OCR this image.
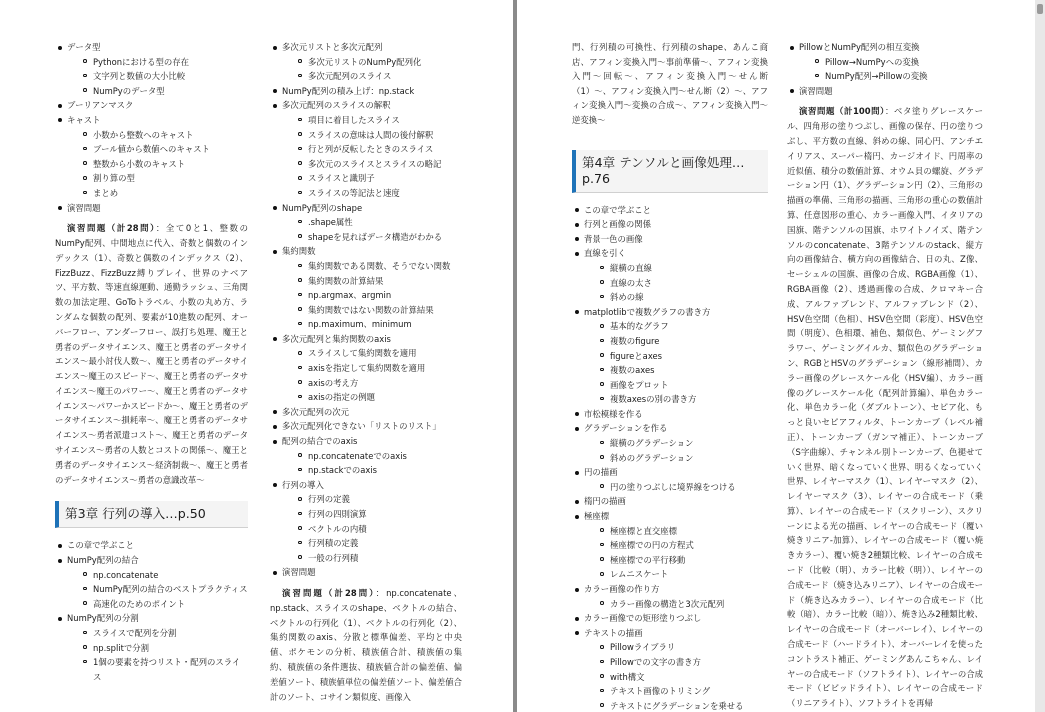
データ型
Pythonにおける型の存在
文字列と数値の大小比較
NumPyのデータ型
ブーリアンマスク
キャスト
小数から整数へのキャスト
ブール値から数値へのキャスト
整数から小数のキャスト
割り算の型
まとめ
演習問題

演習問題（計28問）：全て0と1、整数のNumPy配列、中間地点に代入、奇数と偶数のインデックス（1）、奇数と偶数のインデックス（2）、FizzBuzz、FizzBuzz縛りプレイ、世界のナベアツ、平方数、等速直線運動、通勤ラッシュ、三角関数の加法定理、GoToトラベル、小数の丸め方、ランダムな個数の配列、要素が10進数の配列、オーバーフロー、アンダーフロー、誤打ち処理、魔王と勇者のデータサイエンス、魔王と勇者のデータサイエンス〜最小討伐人数〜、魔王と勇者のデータサイエンス〜魔王のスピード〜、魔王と勇者のデータサイエンス〜魔王のパワー〜、魔王と勇者のデータサイエンス〜パワーかスピードか〜、魔王と勇者のデータサイエンス〜損耗率〜、魔王と勇者のデータサイエンス〜勇者派遣コスト〜、魔王と勇者のデータサイエンス〜勇者の人数とコストの関係〜、魔王と勇者のデータサイエンス〜経済制裁〜、魔王と勇者のデータサイエンス〜勇者の意識改革〜

第3章 行列の導入…p.50
この章で学ぶこと
NumPy配列の結合
np.concatenate
NumPy配列の結合のベストプラクティス
高速化のためのポイント
NumPy配列の分割
スライスで配列を分割
np.splitで分割
1個の要素を持つリスト・配列のスライス
多次元リストと多次元配列
多次元リストのNumPy配列化
多次元配列のスライス
NumPy配列の積み上げ：np.stack
多次元配列のスライスの解釈
項目に着目したスライス
スライスの意味は人間の後付解釈
行と列が反転したときのスライス
多次元のスライスとスライスの略記
スライスと識別子
スライスの等記法と速度
NumPy配列のshape
.shape属性
shapeを見ればデータ構造がわかる
集約関数
集約関数である関数、そうでない関数
集約関数の計算結果
np.argmax、argmin
集約関数ではない関数の計算結果
np.maximum、minimum
多次元配列と集約関数のaxis
スライスして集約関数を適用
axisを指定して集約関数を適用
axisの考え方
axisの指定の例題
多次元配列の次元
多次元配列化できない「リストのリスト」
配列の結合でのaxis
np.concatenateでのaxis
np.stackでのaxis
行列の導入
行列の定義
行列の四則演算
ベクトルの内積
行列積の定義
一般の行列積
演習問題

演習問題（計28問）：np.concatenate、np.stack、スライスのshape、ベクトルの結合、ベクトルの行列化（1）、ベクトルの行列化（2）、集約関数のaxis、分散と標準偏差、平均と中央値、ポケモンの分析、積族値合計、積族値の集約、積族値の条件選抜、積族値合計の偏差値、偏差値ソート、積族値単位の偏差値ソート、偏差値合計のソート、コサイン類似度、画像入

門、行列積の可換性、行列積のshape、あんこ商店、アフィン変換入門〜事前準備〜、アフィン変換入門〜回転〜、アフィン変換入門〜せん断（1）〜、アフィン変換入門〜せん断（2）〜、アフィン変換入門〜変換の合成〜、アフィン変換入門〜逆変換〜

第4章 テンソルと画像処理…p.76
この章で学ぶこと
行列と画像の関係
背景一色の画像
直線を引く
縦横の直線
直線の太さ
斜めの線
matplotlibで複数グラフの書き方
基本的なグラフ
複数のfigure
figureとaxes
複数のaxes
画像をプロット
複数axesの別の書き方
市松模様を作る
グラデーションを作る
縦横のグラデーション
斜めのグラデーション
円の描画
円の塗りつぶしに境界線をつける
楕円の描画
極座標
極座標と直交座標
極座標での円の方程式
極座標での平行移動
レムニスケート
カラー画像の作り方
カラー画像の構造と3次元配列
カラー画像での矩形塗りつぶし
テキストの描画
Pillowライブラリ
Pillowでの文字の書き方
with構文
テキスト画像のトリミング
テキストにグラデーションを乗せる
PillowとNumPy配列の相互変換
Pillow→NumPyへの変換
NumPy配列→Pillowの変換
演習問題

演習問題（計100問）：ベタ塗りグレースケール、四角形の塗りつぶし、画像の保存、円の塗りつぶし、平方数の直線、斜めの線、同心円、アンチエイリアス、スーパー楕円、カージオイド、円周率の近似値、積分の数値計算、オウム貝の螺旋、グラデーション円（1）、グラデーション円（2）、三角形の描画の準備、三角形の描画、三角形の重心の数値計算、任意図形の重心、カラー画像入門、イタリアの国旗、階テンソルの国旗、ホワイトノイズ、階テンソルのconcatenate、3階テンソルのstack、縦方向の画像結合、横方向の画像結合、日の丸、Z像、セーシェルの国旗、画像の合成、RGBA画像（1）、RGBA画像（2）、透過画像の合成、クロマキー合成、アルファブレンド、アルファブレンド（2）、HSV色空間（色相）、HSV色空間（彩度）、HSV色空間（明度）、色相環、補色、類似色、ゲーミングフラワー、ゲーミングイルカ、類似色のグラデーション、RGBとHSVのグラデーション（線形補間）、カラー画像のグレースケール化（HSV編）、カラー画像のグレースケール化（配列計算編）、単色カラー化、単色カラー化（ダブルトーン）、セピア化、もっと良いセピアフィルタ、トーンカーブ（レベル補正）、トーンカーブ（ガンマ補正）、トーンカーブ（S字曲線）、チャンネル別トーンカーブ、色褪せていく世界、暗くなっていく世界、明るくなっていく世界、レイヤーマスク（1）、レイヤーマスク（2）、レイヤーマスク（3）、レイヤーの合成モード（乗算）、レイヤーの合成モード（スクリーン）、スクリーンによる光の描画、レイヤーの合成モード（覆い焼きリニア-加算）、レイヤーの合成モード（覆い焼きカラー）、覆い焼き2種類比較、レイヤーの合成モード（比較（明）、カラー比較（明））、レイヤーの合成モード（焼き込みリニア）、レイヤーの合成モード（焼き込みカラー）、レイヤーの合成モード（比較（暗）、カラー比較（暗））、焼き込み2種類比較、レイヤーの合成モード（オーバーレイ）、レイヤーの合成モード（ハードライト）、オーバーレイを使ったコントラスト補正、ゲーミングあんこちゃん、レイヤーの合成モード（ソフトライト）、レイヤーの合成モード（ビビッドライト）、レイヤーの合成モード（リニアライト）、ソフトライトを再帰
